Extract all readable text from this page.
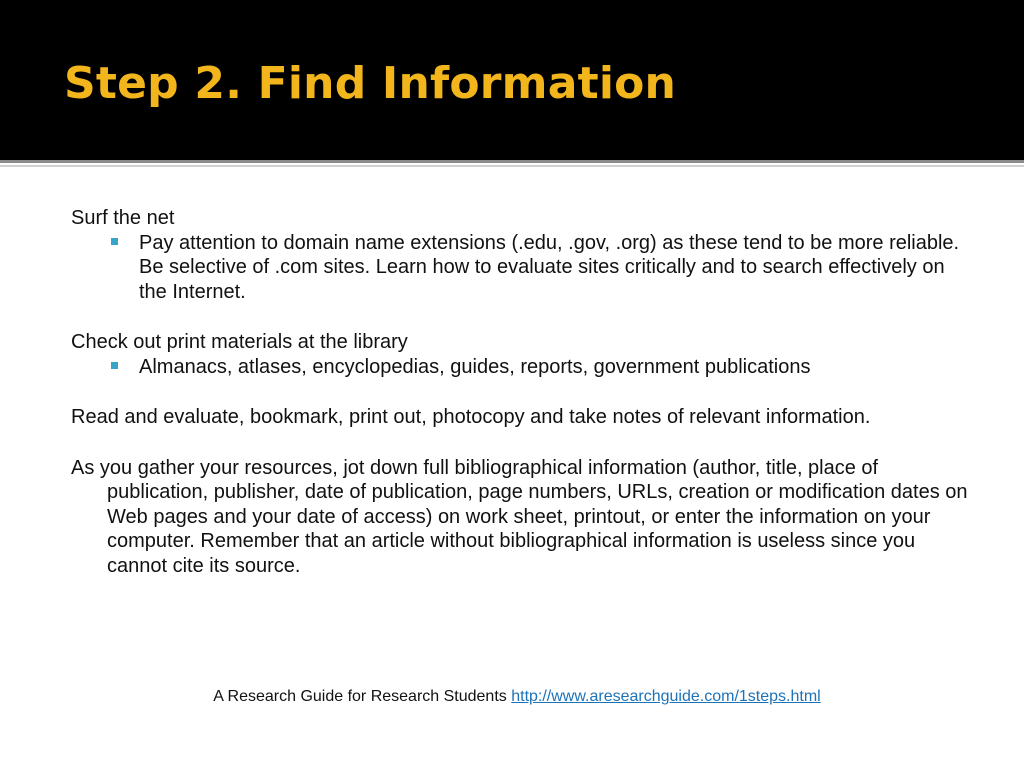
Step 2. Find Information

Surf the net

Pay attention to domain name extensions (.edu, .gov, .org) as these tend to be more reliable. Be selective of .com sites. Learn how to evaluate sites critically and to search effectively on the Internet.

Check out print materials at the library

Almanacs, atlases, encyclopedias, guides, reports, government publications

Read and evaluate, bookmark, print out, photocopy and take notes of relevant information.

As you gather your resources, jot down full bibliographical information (author, title, place of publication, publisher, date of publication, page numbers, URLs, creation or modification dates on Web pages and your date of access) on work sheet, printout, or enter the information on your computer. Remember that an article without bibliographical information is useless since you cannot cite its source.

A Research Guide for Research Students http://www.aresearchguide.com/1steps.html
